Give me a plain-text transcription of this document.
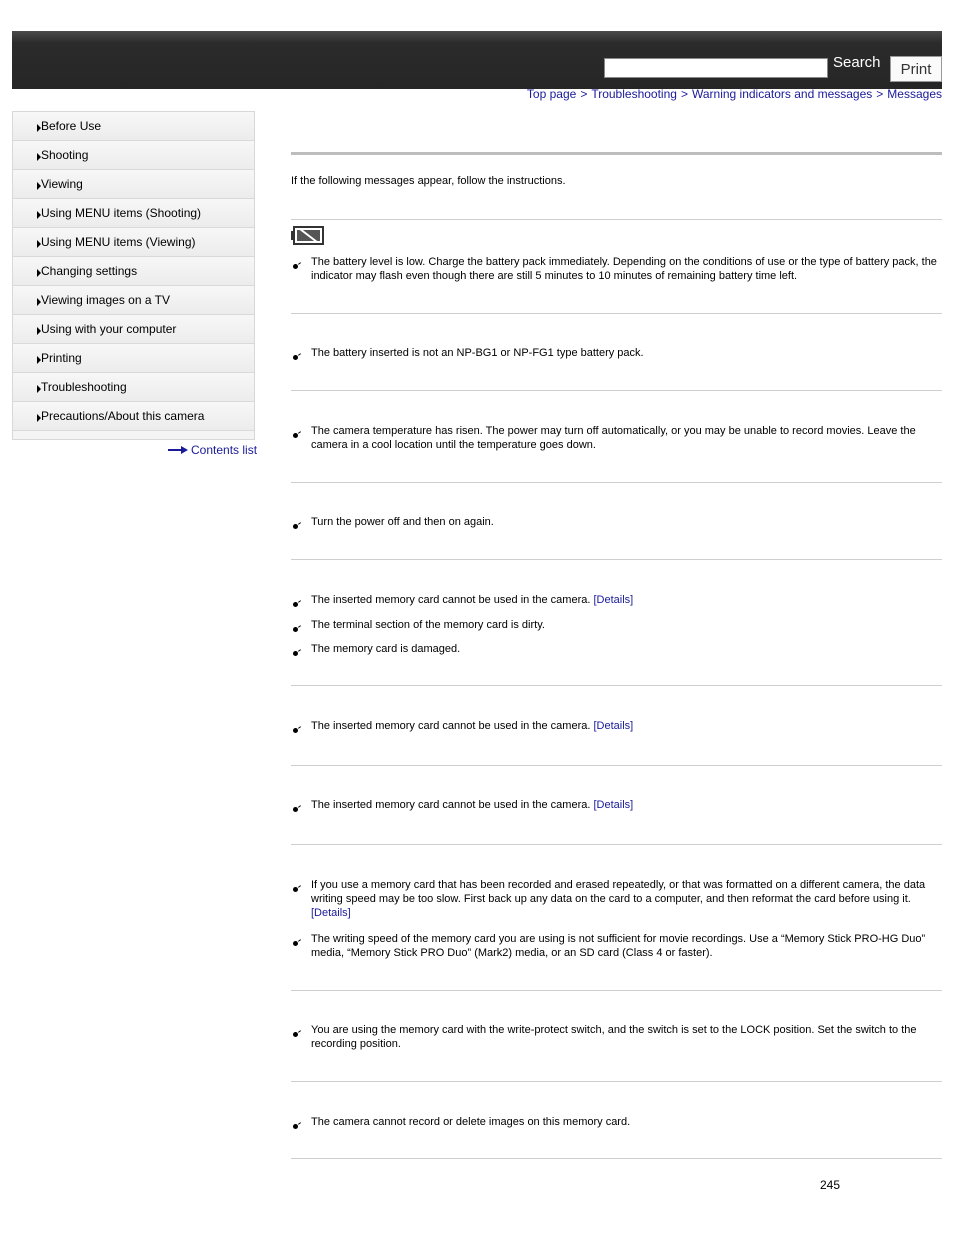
Search	Print
Top page > Troubleshooting > Warning indicators and messages > Messages
Before Use
Shooting
Viewing
Using MENU items (Shooting)
Using MENU items (Viewing)
Changing settings
Viewing images on a TV
Using with your computer
Printing
Troubleshooting
Precautions/About this camera
Contents list
If the following messages appear, follow the instructions.
The battery level is low. Charge the battery pack immediately. Depending on the conditions of use or the type of battery pack, the indicator may flash even though there are still 5 minutes to 10 minutes of remaining battery time left.
The battery inserted is not an NP-BG1 or NP-FG1 type battery pack.
The camera temperature has risen. The power may turn off automatically, or you may be unable to record movies. Leave the camera in a cool location until the temperature goes down.
Turn the power off and then on again.
The inserted memory card cannot be used in the camera. [Details]
The terminal section of the memory card is dirty.
The memory card is damaged.
The inserted memory card cannot be used in the camera. [Details]
The inserted memory card cannot be used in the camera. [Details]
If you use a memory card that has been recorded and erased repeatedly, or that was formatted on a different camera, the data writing speed may be too slow. First back up any data on the card to a computer, and then reformat the card before using it. [Details]
The writing speed of the memory card you are using is not sufficient for movie recordings. Use a “Memory Stick PRO-HG Duo” media, “Memory Stick PRO Duo” (Mark2) media, or an SD card (Class 4 or faster).
You are using the memory card with the write-protect switch, and the switch is set to the LOCK position. Set the switch to the recording position.
The camera cannot record or delete images on this memory card.
245
